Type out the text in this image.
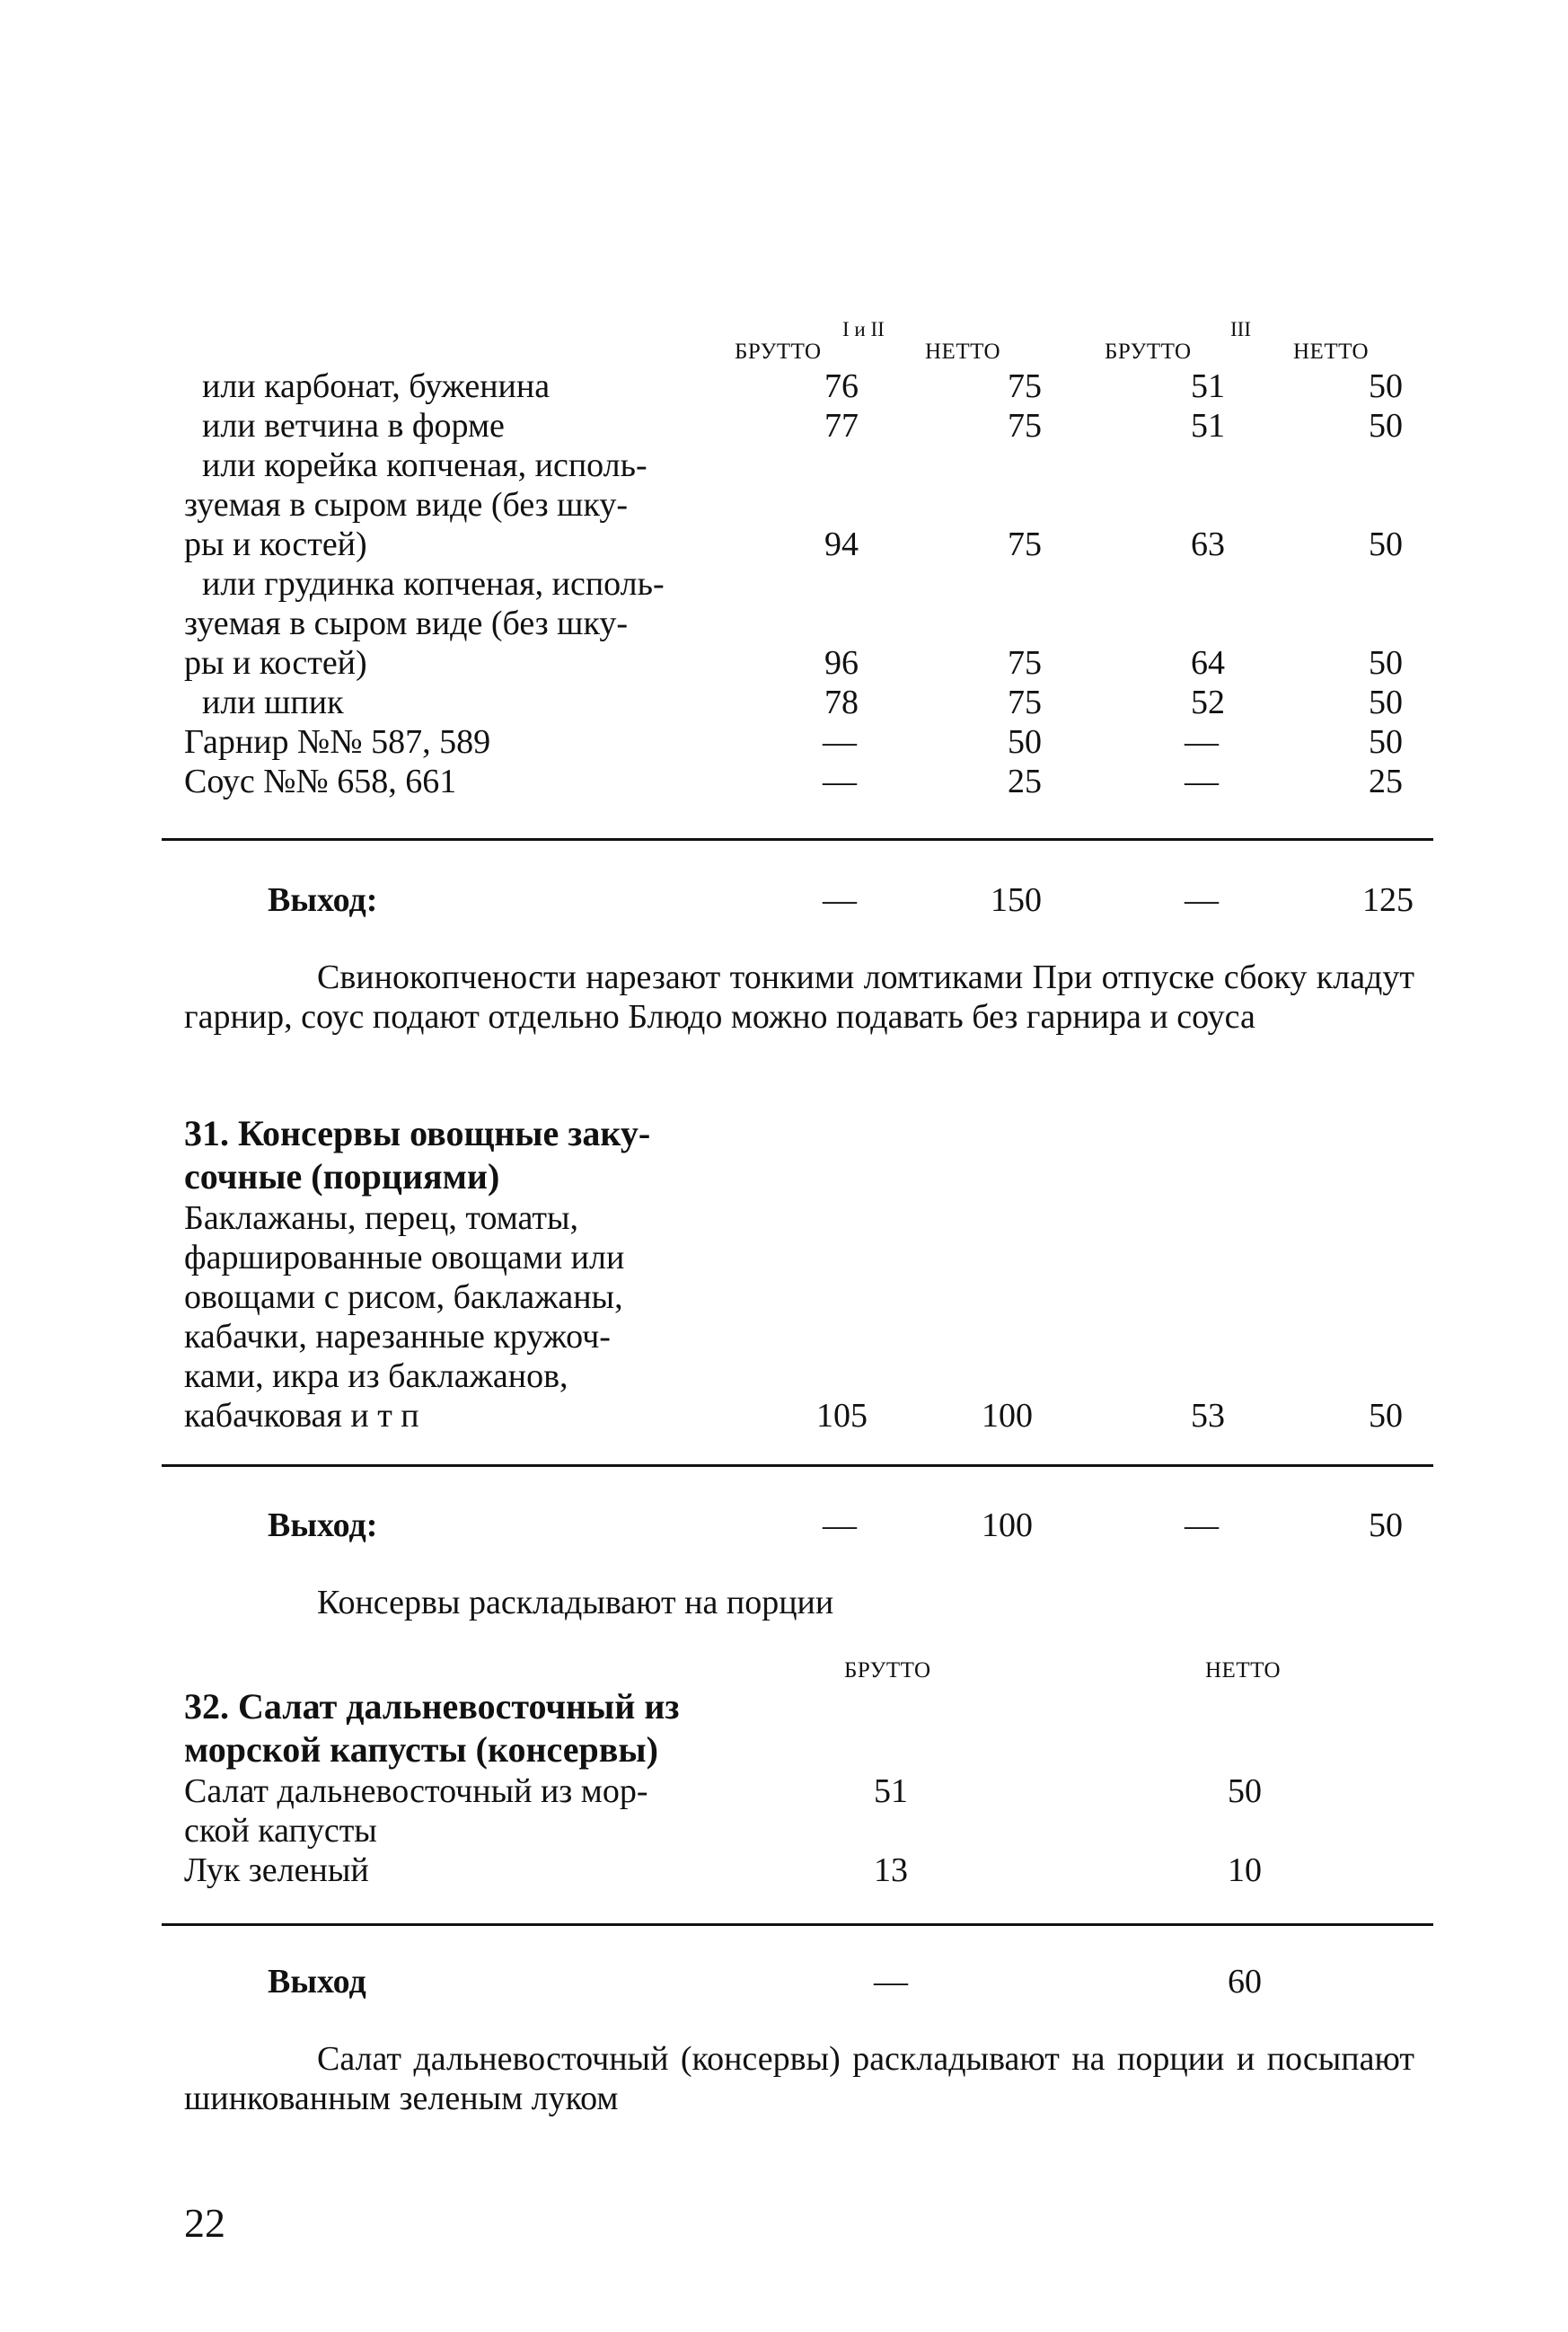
I и II	III
БРУТТО	НЕТТО	БРУТТО	НЕТТО
или карбонат, буженина	76	75	51	50
или ветчина в форме	77	75	51	50
или корейка копченая, исполь-
зуемая в сыром виде (без шку-
ры и костей)	94	75	63	50
или грудинка копченая, исполь-
зуемая в сыром виде (без шку-
ры и костей)	96	75	64	50
или шпик	78	75	52	50
Гарнир №№ 587, 589	—	50	—	50
Соус №№ 658, 661	—	25	—	25
Выход:	—	150	—	125
Свинокопчености нарезают тонкими ломтиками При отпуске сбоку кладут гарнир, соус подают отдельно Блюдо можно подавать без гарнира и соуса
31. Консервы овощные заку-
сочные (порциями)
Баклажаны, перец, томаты,
фаршированные овощами или
овощами с рисом, баклажаны,
кабачки, нарезанные кружоч-
ками, икра из баклажанов,
кабачковая и т п	105	100	53	50
Выход:	—	100	—	50
Консервы раскладывают на порции
БРУТТО	НЕТТО
32. Салат дальневосточный из
морской капусты (консервы)
Салат дальневосточный из мор-
ской капусты
51	50
Лук зеленый	13	10
Выход	—	60
Салат дальневосточный (консервы) раскладывают на порции и посыпают шинкованным зеленым луком
22
